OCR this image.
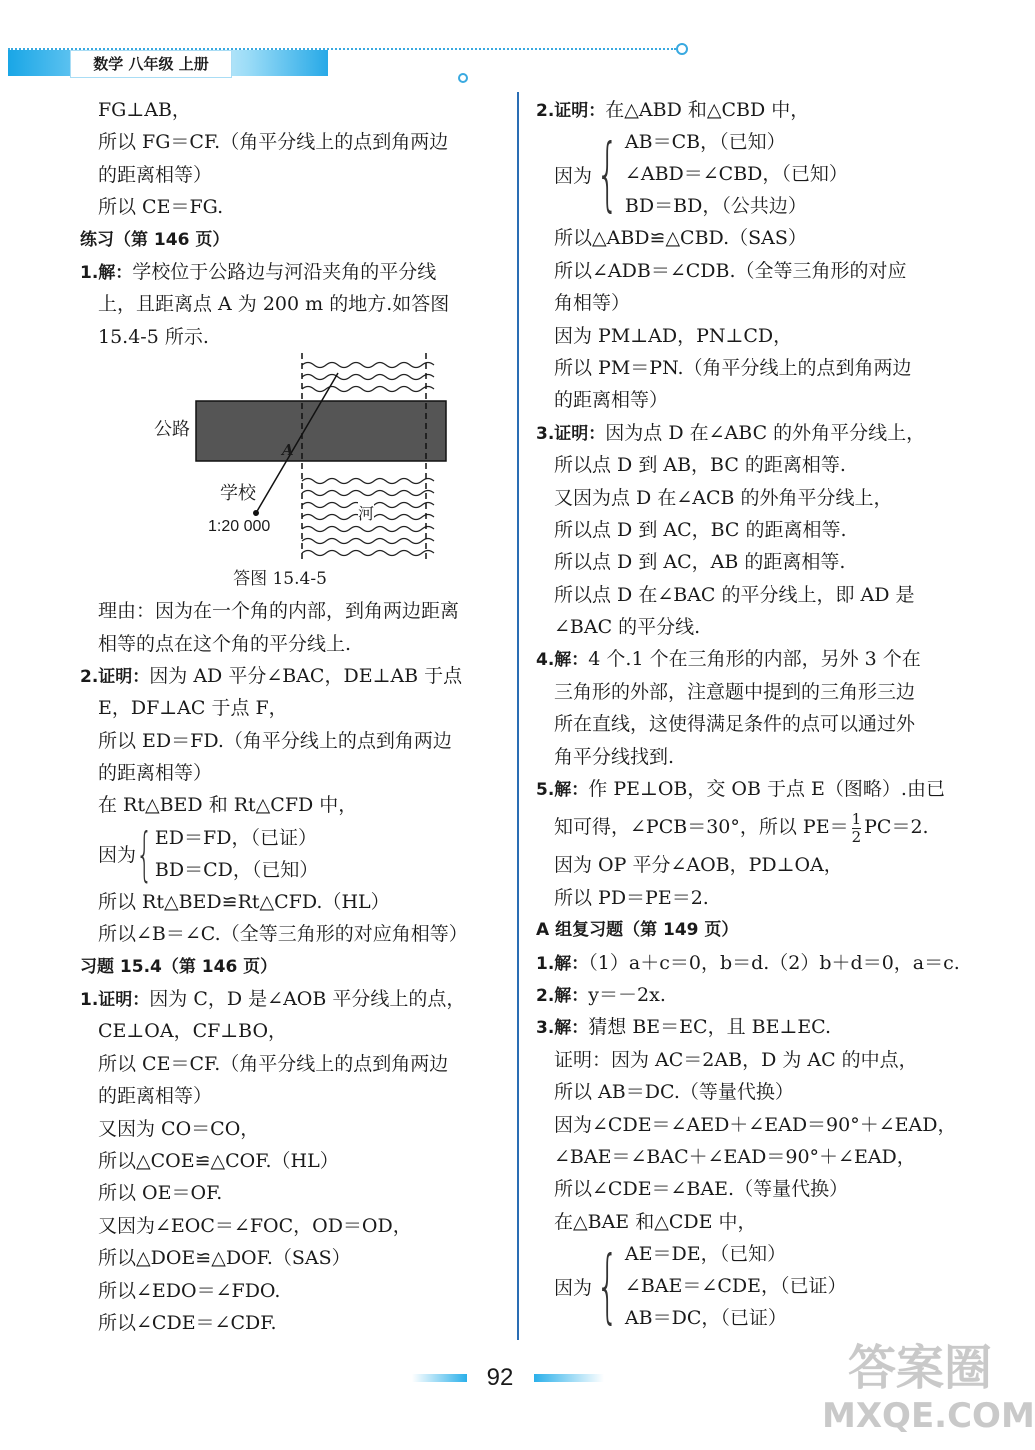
数学 八年级 上册
FG⊥AB，
所以 FG＝CF.（角平分线上的点到角两边
的距离相等）
所以 CE＝FG.
练习（第 146 页）
1.解：学校位于公路边与河沿夹角的平分线
上，且距离点 A 为 200 m 的地方.如答图
15.4-5 所示.
公路
A
学校
河
1:20 000
答图 15.4-5
理由：因为在一个角的内部，到角两边距离
相等的点在这个角的平分线上.
2.证明：因为 AD 平分∠BAC，DE⊥AB 于点
E，DF⊥AC 于点 F，
所以 ED＝FD.（角平分线上的点到角两边
的距离相等）
在 Rt△BED 和 Rt△CFD 中，
因为 { ED＝FD，（已证）
BD＝CD，（已知）
所以 Rt△BED≌Rt△CFD.（HL）
所以∠B＝∠C.（全等三角形的对应角相等）
习题 15.4（第 146 页）
1.证明：因为 C，D 是∠AOB 平分线上的点，
CE⊥OA，CF⊥BO，
所以 CE＝CF.（角平分线上的点到角两边
的距离相等）
又因为 CO＝CO，
所以△COE≌△COF.（HL）
所以 OE＝OF.
又因为∠EOC＝∠FOC，OD＝OD，
所以△DOE≌△DOF.（SAS）
所以∠EDO＝∠FDO.
所以∠CDE＝∠CDF.
2.证明：在△ABD 和△CBD 中，
因为 { AB＝CB，（已知）
∠ABD＝∠CBD，（已知）
BD＝BD，（公共边）
所以△ABD≌△CBD.（SAS）
所以∠ADB＝∠CDB.（全等三角形的对应
角相等）
因为 PM⊥AD，PN⊥CD，
所以 PM＝PN.（角平分线上的点到角两边
的距离相等）
3.证明：因为点 D 在∠ABC 的外角平分线上，
所以点 D 到 AB，BC 的距离相等.
又因为点 D 在∠ACB 的外角平分线上，
所以点 D 到 AC，BC 的距离相等.
所以点 D 到 AC，AB 的距离相等.
所以点 D 在∠BAC 的平分线上，即 AD 是
∠BAC 的平分线.
4.解：4 个.1 个在三角形的内部，另外 3 个在
三角形的外部，注意题中提到的三角形三边
所在直线，这使得满足条件的点可以通过外
角平分线找到.
5.解：作 PE⊥OB，交 OB 于点 E（图略）.由已
知可得，∠PCB＝30°，所以 $PE= \frac{1}{2} PC=2$.
因为 OP 平分∠AOB，PD⊥OA，
所以 PD＝PE＝2.
A 组复习题（第 149 页）
1.解：（1）a＋c＝0，b＝d.（2）b＋d＝0，a＝c.
2.解：y＝－2x.
3.解：猜想 BE＝EC，且 BE⊥EC.
证明：因为 AC＝2AB，D 为 AC 的中点，
所以 AB＝DC.（等量代换）
因为∠CDE＝∠AED＋∠EAD＝90°＋∠EAD，
∠BAE＝∠BAC＋∠EAD＝90°＋∠EAD，
所以∠CDE＝∠BAE.（等量代换）
在△BAE 和△CDE 中，
因为 { AE＝DE，（已知）
∠BAE＝∠CDE，（已证）
AB＝DC，（已证）
92	答案圈
MXQE.COM
